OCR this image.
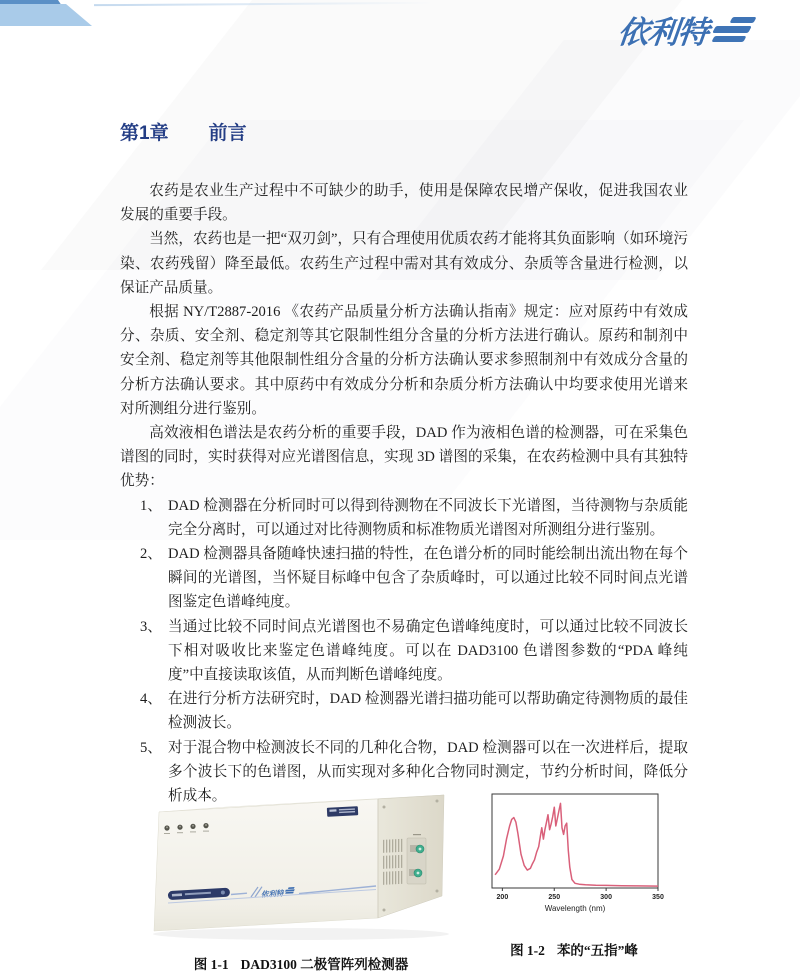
依利特
第1章 前言

农药是农业生产过程中不可缺少的助手，使用是保障农民增产保收，促进我国农业发展的重要手段。

当然，农药也是一把“双刃剑”，只有合理使用优质农药才能将其负面影响（如环境污染、农药残留）降至最低。农药生产过程中需对其有效成分、杂质等含量进行检测，以保证产品质量。

根据 NY/T2887-2016 《农药产品质量分析方法确认指南》规定：应对原药中有效成分、杂质、安全剂、稳定剂等其它限制性组分含量的分析方法进行确认。原药和制剂中安全剂、稳定剂等其他限制性组分含量的分析方法确认要求参照制剂中有效成分含量的分析方法确认要求。其中原药中有效成分分析和杂质分析方法确认中均要求使用光谱来对所测组分进行鉴别。

高效液相色谱法是农药分析的重要手段，DAD 作为液相色谱的检测器，可在采集色谱图的同时，实时获得对应光谱图信息，实现 3D 谱图的采集，在农药检测中具有其独特优势：

1、 DAD 检测器在分析同时可以得到待测物在不同波长下光谱图，当待测物与杂质能完全分离时，可以通过对比待测物质和标准物质光谱图对所测组分进行鉴别。
2、 DAD 检测器具备随峰快速扫描的特性，在色谱分析的同时能绘制出流出物在每个瞬间的光谱图，当怀疑目标峰中包含了杂质峰时，可以通过比较不同时间点光谱图鉴定色谱峰纯度。
3、 当通过比较不同时间点光谱图也不易确定色谱峰纯度时，可以通过比较不同波长下相对吸收比来鉴定色谱峰纯度。可以在 DAD3100 色谱图参数的“PDA 峰纯度”中直接读取该值，从而判断色谱峰纯度。
4、 在进行分析方法研究时，DAD 检测器光谱扫描功能可以帮助确定待测物质的最佳检测波长。
5、 对于混合物中检测波长不同的几种化合物，DAD 检测器可以在一次进样后，提取多个波长下的色谱图，从而实现对多种化合物同时测定，节约分析时间，降低分析成本。
依利特
图 1-1 DAD3100 二极管阵列检测器
Wavelength (nm)
200	250	300	350
图 1-2 苯的“五指”峰
